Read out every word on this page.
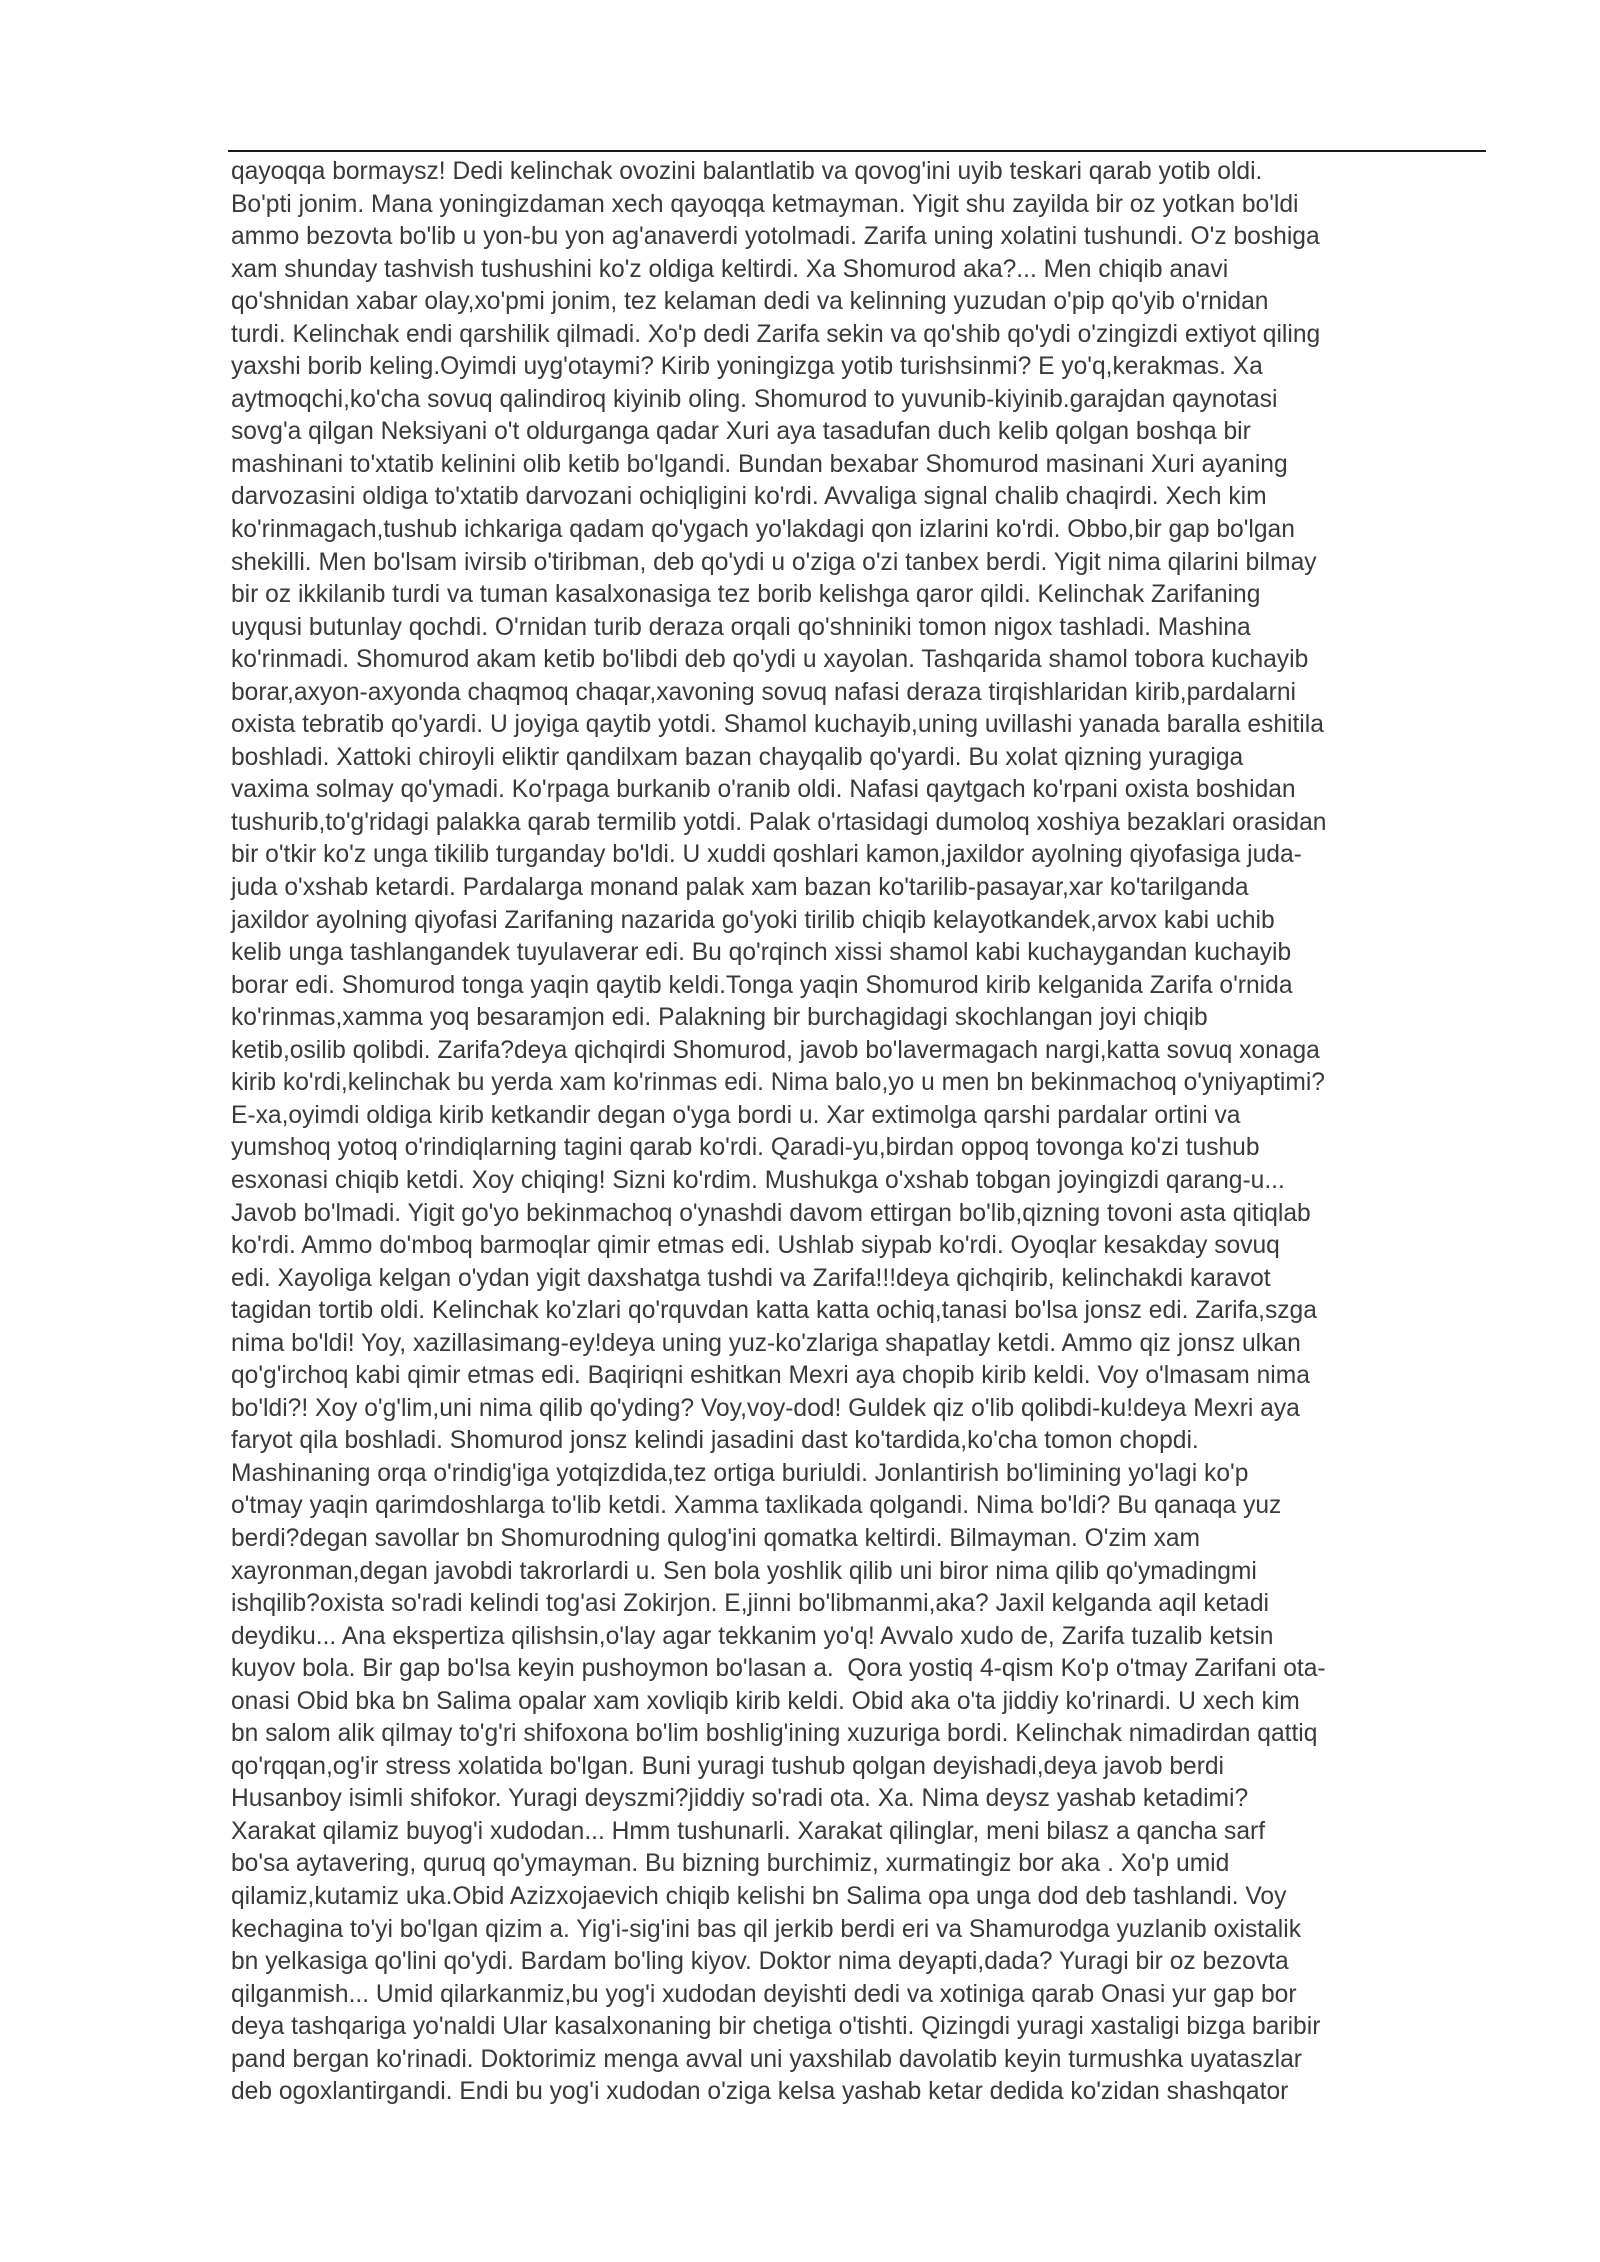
qayoqqa bormaysz! Dedi kelinchak ovozini balantlatib va qovog'ini uyib teskari qarab yotib oldi.
Bo'pti jonim. Mana yoningizdaman xech qayoqqa ketmayman. Yigit shu zayilda bir oz yotkan bo'ldi
ammo bezovta bo'lib u yon-bu yon ag'anaverdi yotolmadi. Zarifa uning xolatini tushundi. O'z boshiga
xam shunday tashvish tushushini ko'z oldiga keltirdi. Xa Shomurod aka?... Men chiqib anavi
qo'shnidan xabar olay,xo'pmi jonim, tez kelaman dedi va kelinning yuzudan o'pip qo'yib o'rnidan
turdi. Kelinchak endi qarshilik qilmadi. Xo'p dedi Zarifa sekin va qo'shib qo'ydi o'zingizdi extiyot qiling
yaxshi borib keling.Oyimdi uyg'otaymi? Kirib yoningizga yotib turishsinmi? E yo'q,kerakmas. Xa
aytmoqchi,ko'cha sovuq qalindiroq kiyinib oling. Shomurod to yuvunib-kiyinib.garajdan qaynotasi
sovg'a qilgan Neksiyani o't oldurganga qadar Xuri aya tasadufan duch kelib qolgan boshqa bir
mashinani to'xtatib kelinini olib ketib bo'lgandi. Bundan bexabar Shomurod masinani Xuri ayaning
darvozasini oldiga to'xtatib darvozani ochiqligini ko'rdi. Avvaliga signal chalib chaqirdi. Xech kim
ko'rinmagach,tushub ichkariga qadam qo'ygach yo'lakdagi qon izlarini ko'rdi. Obbo,bir gap bo'lgan
shekilli. Men bo'lsam ivirsib o'tiribman, deb qo'ydi u o'ziga o'zi tanbex berdi. Yigit nima qilarini bilmay
bir oz ikkilanib turdi va tuman kasalxonasiga tez borib kelishga qaror qildi. Kelinchak Zarifaning
uyqusi butunlay qochdi. O'rnidan turib deraza orqali qo'shniniki tomon nigox tashladi. Mashina
ko'rinmadi. Shomurod akam ketib bo'libdi deb qo'ydi u xayolan. Tashqarida shamol tobora kuchayib
borar,axyon-axyonda chaqmoq chaqar,xavoning sovuq nafasi deraza tirqishlaridan kirib,pardalarni
oxista tebratib qo'yardi. U joyiga qaytib yotdi. Shamol kuchayib,uning uvillashi yanada baralla eshitila
boshladi. Xattoki chiroyli eliktir qandilxam bazan chayqalib qo'yardi. Bu xolat qizning yuragiga
vaxima solmay qo'ymadi. Ko'rpaga burkanib o'ranib oldi. Nafasi qaytgach ko'rpani oxista boshidan
tushurib,to'g'ridagi palakka qarab termilib yotdi. Palak o'rtasidagi dumoloq xoshiya bezaklari orasidan
bir o'tkir ko'z unga tikilib turganday bo'ldi. U xuddi qoshlari kamon,jaxildor ayolning qiyofasiga juda-
juda o'xshab ketardi. Pardalarga monand palak xam bazan ko'tarilib-pasayar,xar ko'tarilganda
jaxildor ayolning qiyofasi Zarifaning nazarida go'yoki tirilib chiqib kelayotkandek,arvox kabi uchib
kelib unga tashlangandek tuyulaverar edi. Bu qo'rqinch xissi shamol kabi kuchaygandan kuchayib
borar edi. Shomurod tonga yaqin qaytib keldi.Tonga yaqin Shomurod kirib kelganida Zarifa o'rnida
ko'rinmas,xamma yoq besaramjon edi. Palakning bir burchagidagi skochlangan joyi chiqib
ketib,osilib qolibdi. Zarifa?deya qichqirdi Shomurod, javob bo'lavermagach nargi,katta sovuq xonaga
kirib ko'rdi,kelinchak bu yerda xam ko'rinmas edi. Nima balo,yo u men bn bekinmachoq o'yniyaptimi?
E-xa,oyimdi oldiga kirib ketkandir degan o'yga bordi u. Xar extimolga qarshi pardalar ortini va
yumshoq yotoq o'rindiqlarning tagini qarab ko'rdi. Qaradi-yu,birdan oppoq tovonga ko'zi tushub
esxonasi chiqib ketdi. Xoy chiqing! Sizni ko'rdim. Mushukga o'xshab tobgan joyingizdi qarang-u...
Javob bo'lmadi. Yigit go'yo bekinmachoq o'ynashdi davom ettirgan bo'lib,qizning tovoni asta qitiqlab
ko'rdi. Ammo do'mboq barmoqlar qimir etmas edi. Ushlab siypab ko'rdi. Oyoqlar kesakday sovuq
edi. Xayoliga kelgan o'ydan yigit daxshatga tushdi va Zarifa!!!deya qichqirib, kelinchakdi karavot
tagidan tortib oldi. Kelinchak ko'zlari qo'rquvdan katta katta ochiq,tanasi bo'lsa jonsz edi. Zarifa,szga
nima bo'ldi! Yoy, xazillasimang-ey!deya uning yuz-ko'zlariga shapatlay ketdi. Ammo qiz jonsz ulkan
qo'g'irchoq kabi qimir etmas edi. Baqiriqni eshitkan Mexri aya chopib kirib keldi. Voy o'lmasam nima
bo'ldi?! Xoy o'g'lim,uni nima qilib qo'yding? Voy,voy-dod! Guldek qiz o'lib qolibdi-ku!deya Mexri aya
faryot qila boshladi. Shomurod jonsz kelindi jasadini dast ko'tardida,ko'cha tomon chopdi.
Mashinaning orqa o'rindig'iga yotqizdida,tez ortiga buriuldi. Jonlantirish bo'limining yo'lagi ko'p
o'tmay yaqin qarimdoshlarga to'lib ketdi. Xamma taxlikada qolgandi. Nima bo'ldi? Bu qanaqa yuz
berdi?degan savollar bn Shomurodning qulog'ini qomatka keltirdi. Bilmayman. O'zim xam
xayronman,degan javobdi takrorlardi u. Sen bola yoshlik qilib uni biror nima qilib qo'ymadingmi
ishqilib?oxista so'radi kelindi tog'asi Zokirjon. E,jinni bo'libmanmi,aka? Jaxil kelganda aqil ketadi
deydiku... Ana ekspertiza qilishsin,o'lay agar tekkanim yo'q! Avvalo xudo de, Zarifa tuzalib ketsin
kuyov bola. Bir gap bo'lsa keyin pushoymon bo'lasan a.  Qora yostiq 4-qism Ko'p o'tmay Zarifani ota-
onasi Obid bka bn Salima opalar xam xovliqib kirib keldi. Obid aka o'ta jiddiy ko'rinardi. U xech kim
bn salom alik qilmay to'g'ri shifoxona bo'lim boshlig'ining xuzuriga bordi. Kelinchak nimadirdan qattiq
qo'rqqan,og'ir stress xolatida bo'lgan. Buni yuragi tushub qolgan deyishadi,deya javob berdi
Husanboy isimli shifokor. Yuragi deyszmi?jiddiy so'radi ota. Xa. Nima deysz yashab ketadimi?
Xarakat qilamiz buyog'i xudodan... Hmm tushunarli. Xarakat qilinglar, meni bilasz a qancha sarf
bo'sa aytavering, quruq qo'ymayman. Bu bizning burchimiz, xurmatingiz bor aka . Xo'p umid
qilamiz,kutamiz uka.Obid Azizxojaevich chiqib kelishi bn Salima opa unga dod deb tashlandi. Voy
kechagina to'yi bo'lgan qizim a. Yig'i-sig'ini bas qil jerkib berdi eri va Shamurodga yuzlanib oxistalik
bn yelkasiga qo'lini qo'ydi. Bardam bo'ling kiyov. Doktor nima deyapti,dada? Yuragi bir oz bezovta
qilganmish... Umid qilarkanmiz,bu yog'i xudodan deyishti dedi va xotiniga qarab Onasi yur gap bor
deya tashqariga yo'naldi Ular kasalxonaning bir chetiga o'tishti. Qizingdi yuragi xastaligi bizga baribir
pand bergan ko'rinadi. Doktorimiz menga avval uni yaxshilab davolatib keyin turmushka uyataszlar
deb ogoxlantirgandi. Endi bu yog'i xudodan o'ziga kelsa yashab ketar dedida ko'zidan shashqator
